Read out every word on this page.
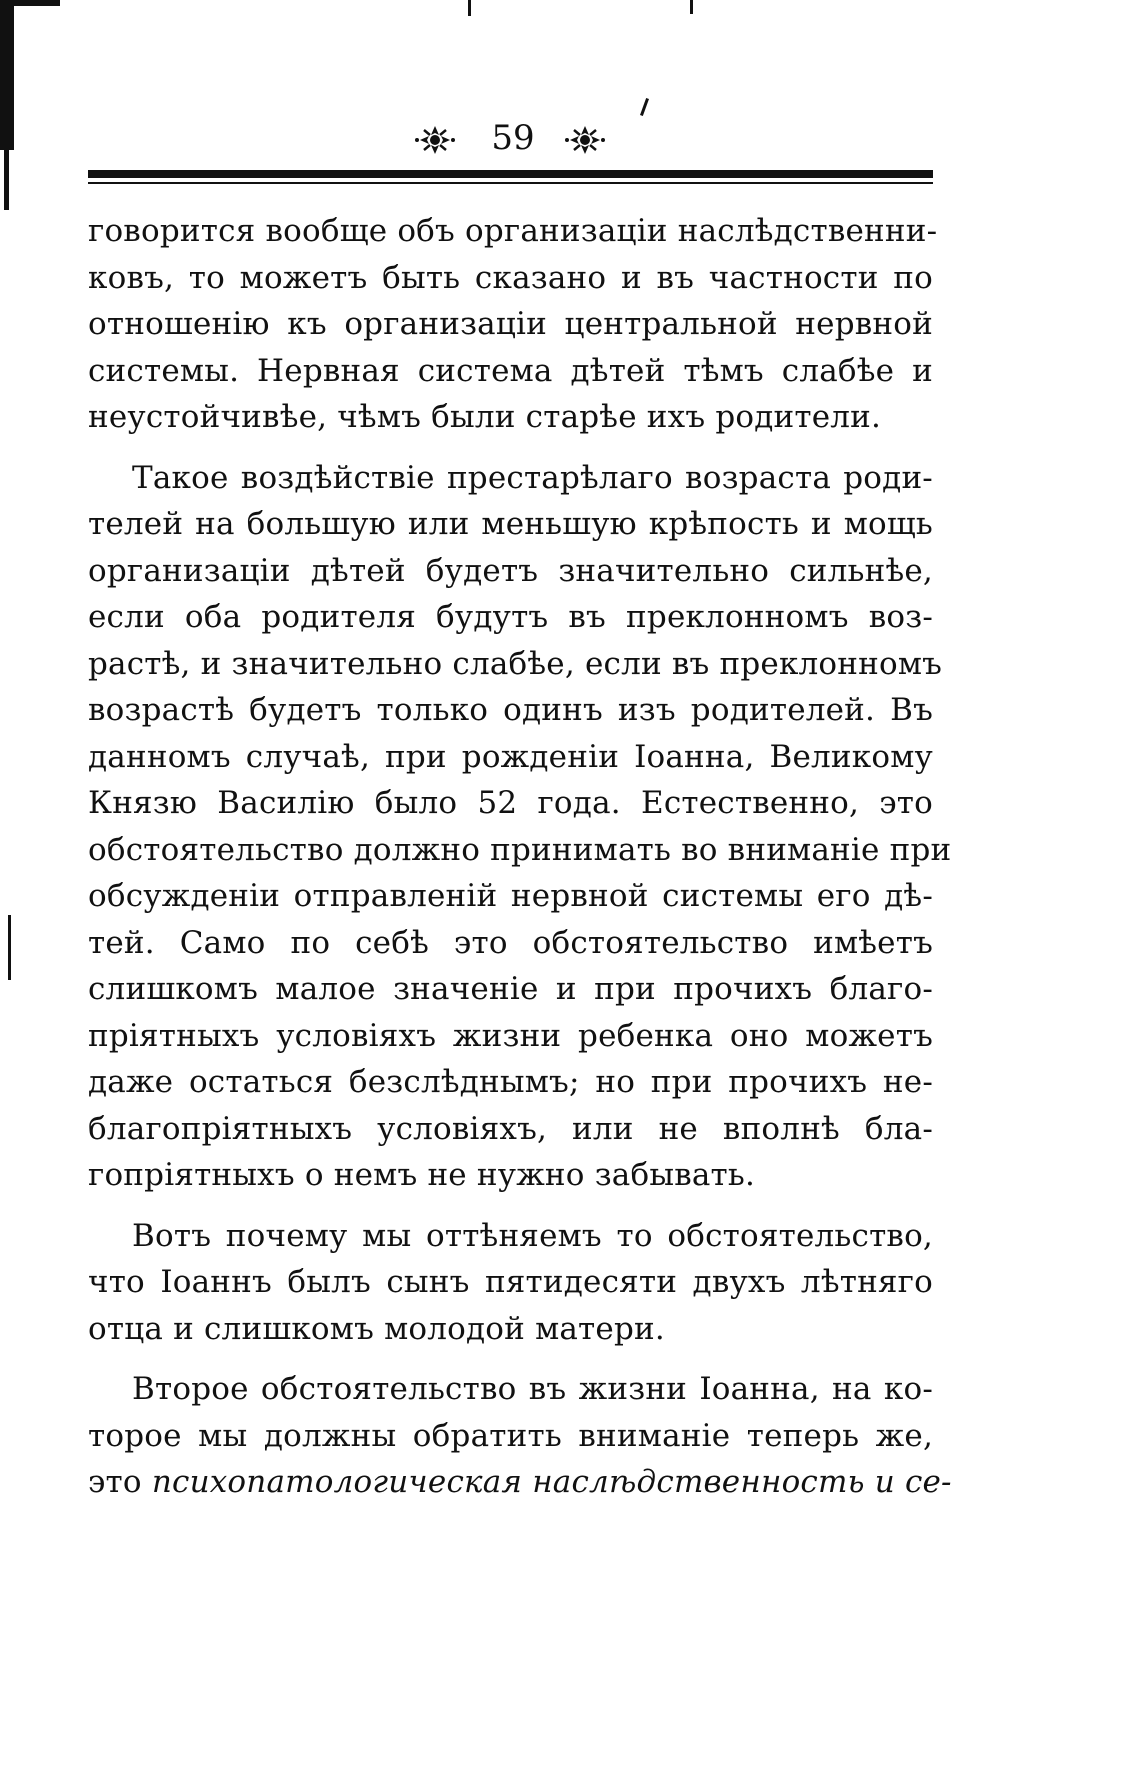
59
говорится вообще объ организацiи наслѣдственни-
ковъ, то можетъ быть сказано и въ частности по
отношенiю къ организацiи центральной нервной
системы. Нервная система дѣтей тѣмъ слабѣе и
неустойчивѣе, чѣмъ были старѣе ихъ родители.
Такое воздѣйствiе престарѣлаго возраста роди-
телей на большую или меньшую крѣпость и мощь
организацiи дѣтей будетъ значительно сильнѣе,
если оба родителя будутъ въ преклонномъ воз-
растѣ, и значительно слабѣе, если въ преклонномъ
возрастѣ будетъ только одинъ изъ родителей. Въ
данномъ случаѣ, при рожденiи Iоанна, Великому
Князю Василiю было 52 года. Естественно, это
обстоятельство должно принимать во вниманiе при
обсужденiи отправленiй нервной системы его дѣ-
тей. Само по себѣ это обстоятельство имѣетъ
слишкомъ малое значенiе и при прочихъ благо-
прiятныхъ условiяхъ жизни ребенка оно можетъ
даже остаться безслѣднымъ; но при прочихъ не-
благопрiятныхъ условiяхъ, или не вполнѣ бла-
гопрiятныхъ о немъ не нужно забывать.
Вотъ почему мы оттѣняемъ то обстоятельство,
что Iоаннъ былъ сынъ пятидесяти двухъ лѣтняго
отца и слишкомъ молодой матери.
Второе обстоятельство въ жизни Iоанна, на ко-
торое мы должны обратить вниманiе теперь же,
это психопатологическая наслѣдственность и се-
